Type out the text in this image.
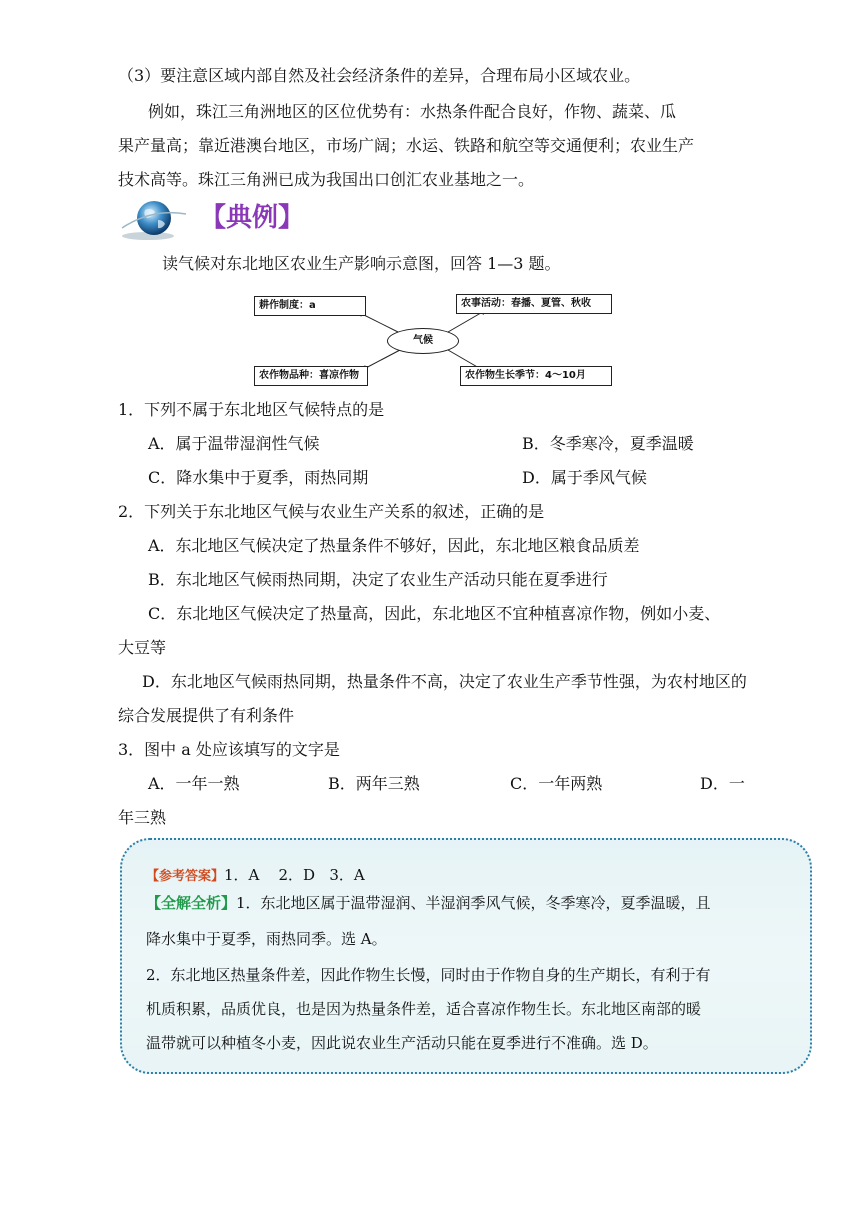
（3）要注意区域内部自然及社会经济条件的差异，合理布局小区域农业。
例如，珠江三角洲地区的区位优势有：水热条件配合良好，作物、蔬菜、瓜
果产量高；靠近港澳台地区，市场广阔；水运、铁路和航空等交通便利；农业生产
技术高等。珠江三角洲已成为我国出口创汇农业基地之一。
【典例】
读气候对东北地区农业生产影响示意图，回答 1—3 题。
耕作制度：a	农事活动：春播、夏管、秋收
气候
农作物品种：喜凉作物	农作物生长季节：4～10月
1．下列不属于东北地区气候特点的是
A．属于温带湿润性气候	B．冬季寒冷，夏季温暖
C．降水集中于夏季，雨热同期	D．属于季风气候
2．下列关于东北地区气候与农业生产关系的叙述，正确的是
A．东北地区气候决定了热量条件不够好，因此，东北地区粮食品质差
B．东北地区气候雨热同期，决定了农业生产活动只能在夏季进行
C．东北地区气候决定了热量高，因此，东北地区不宜种植喜凉作物，例如小麦、
大豆等
D．东北地区气候雨热同期，热量条件不高，决定了农业生产季节性强，为农村地区的
综合发展提供了有利条件
3．图中 a 处应该填写的文字是
A．一年一熟	B．两年三熟	C．一年两熟	D．一
年三熟
【参考答案】1．A    2．D   3．A
【全解全析】1．东北地区属于温带湿润、半湿润季风气候，冬季寒冷，夏季温暖，且
降水集中于夏季，雨热同季。选 A。
2．东北地区热量条件差，因此作物生长慢，同时由于作物自身的生产期长，有利于有
机质积累，品质优良，也是因为热量条件差，适合喜凉作物生长。东北地区南部的暖
温带就可以种植冬小麦，因此说农业生产活动只能在夏季进行不准确。选 D。
